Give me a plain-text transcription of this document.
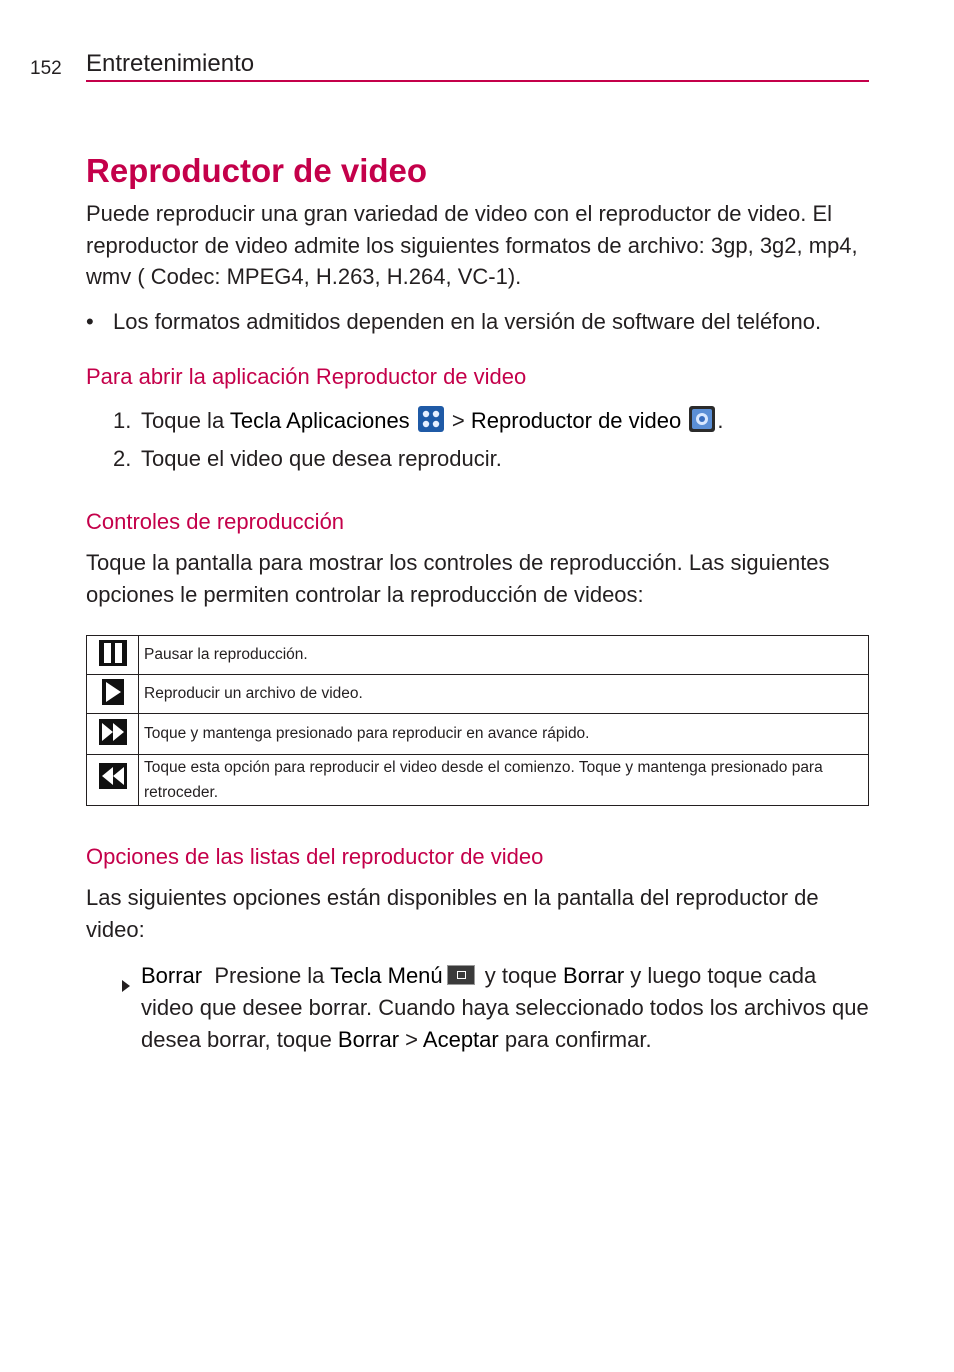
152 Entretenimiento
Reproductor de video

Puede reproducir una gran variedad de video con el reproductor de video. El reproductor de video admite los siguientes formatos de archivo: 3gp, 3g2, mp4, wmv ( Codec: MPEG4, H.263, H.264, VC-1).

• Los formatos admitidos dependen en la versión de software del teléfono.
Para abrir la aplicación Reproductor de video
1. Toque la Tecla Aplicaciones  > Reproductor de video .
2. Toque el video que desea reproducir.
Controles de reproducción

Toque la pantalla para mostrar los controles de reproducción. Las siguientes opciones le permiten controlar la reproducción de videos:

	Pausar la reproducción.
	Reproducir un archivo de video.
	Toque y mantenga presionado para reproducir en avance rápido.
	Toque esta opción para reproducir el video desde el comienzo. Toque y mantenga presionado para retroceder.
Opciones de las listas del reproductor de video

Las siguientes opciones están disponibles en la pantalla del reproductor de video:

Borrar  Presione la Tecla Menú y toque Borrar y luego toque cada video que desee borrar. Cuando haya seleccionado todos los archivos que desea borrar, toque Borrar > Aceptar para confirmar.
